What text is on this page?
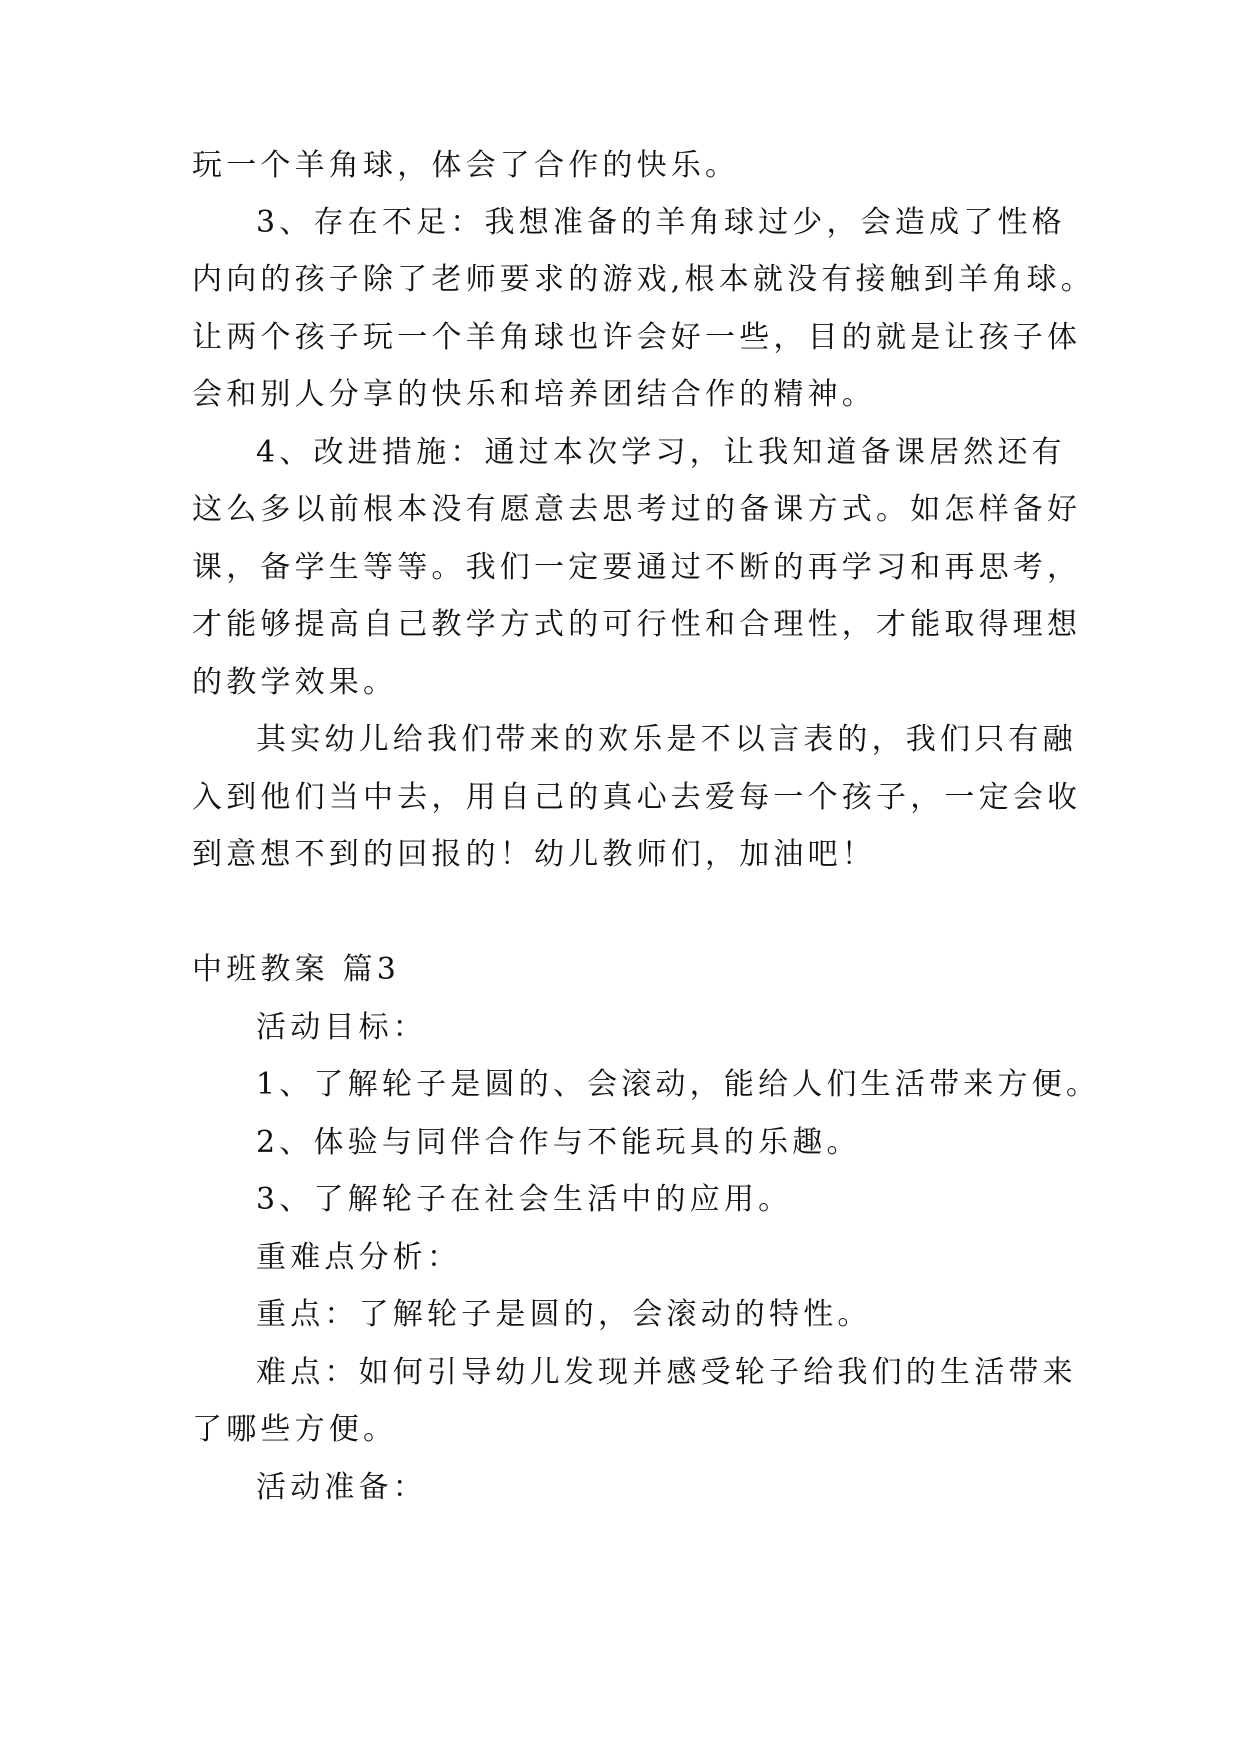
玩一个羊角球，体会了合作的快乐。
3、存在不足：我想准备的羊角球过少，会造成了性格
内向的孩子除了老师要求的游戏,根本就没有接触到羊角球。
让两个孩子玩一个羊角球也许会好一些，目的就是让孩子体
会和别人分享的快乐和培养团结合作的精神。
4、改进措施：通过本次学习，让我知道备课居然还有
这么多以前根本没有愿意去思考过的备课方式。如怎样备好
课，备学生等等。我们一定要通过不断的再学习和再思考，
才能够提高自己教学方式的可行性和合理性，才能取得理想
的教学效果。
其实幼儿给我们带来的欢乐是不以言表的，我们只有融
入到他们当中去，用自己的真心去爱每一个孩子，一定会收
到意想不到的回报的！幼儿教师们，加油吧！
中班教案 篇3
活动目标：
1、了解轮子是圆的、会滚动，能给人们生活带来方便。
2、体验与同伴合作与不能玩具的乐趣。
3、了解轮子在社会生活中的应用。
重难点分析：
重点：了解轮子是圆的，会滚动的特性。
难点：如何引导幼儿发现并感受轮子给我们的生活带来
了哪些方便。
活动准备：
